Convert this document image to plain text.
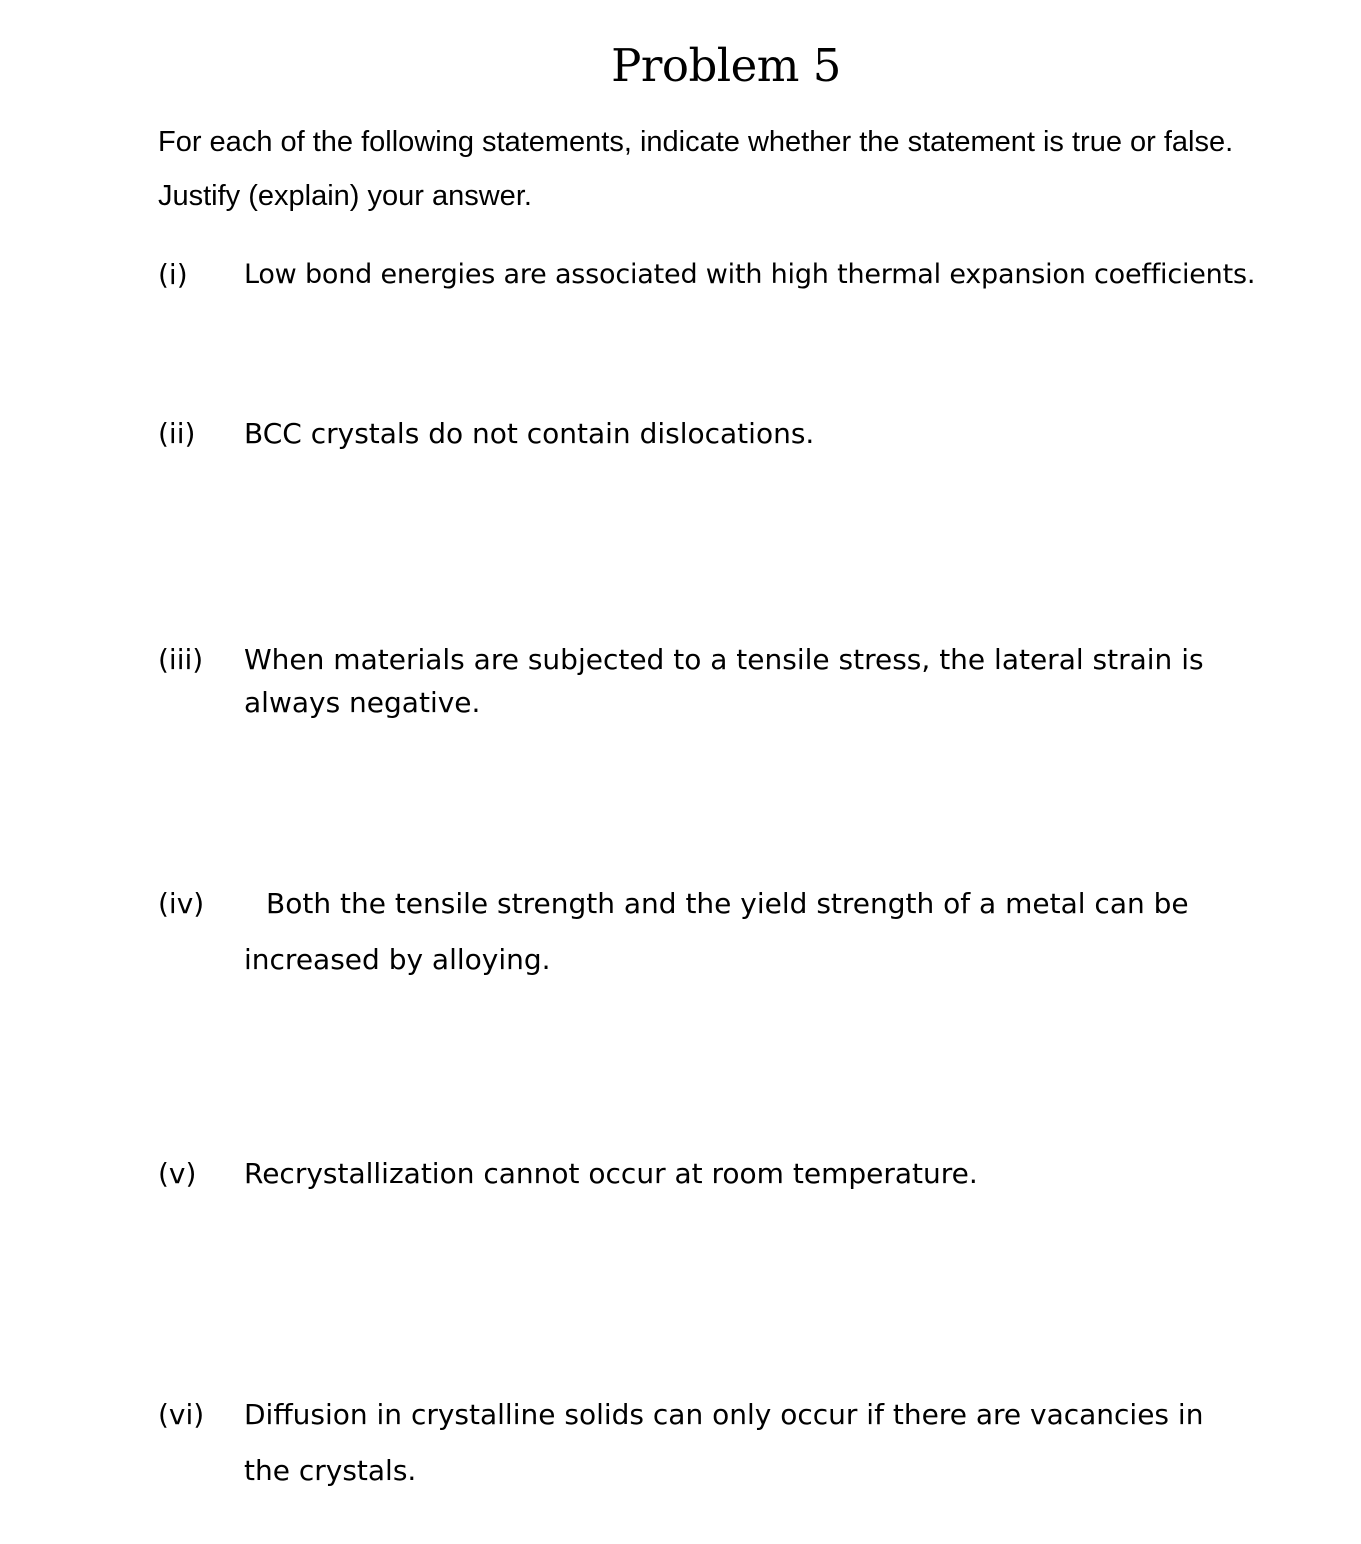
Problem 5
For each of the following statements, indicate whether the statement is true or false.
Justify (explain) your answer.
(i) Low bond energies are associated with high thermal expansion coefficients.
(ii) BCC crystals do not contain dislocations.
(iii) When materials are subjected to a tensile stress, the lateral strain is
always negative.
(iv) Both the tensile strength and the yield strength of a metal can be
increased by alloying.
(v) Recrystallization cannot occur at room temperature.
(vi) Diffusion in crystalline solids can only occur if there are vacancies in
the crystals.
